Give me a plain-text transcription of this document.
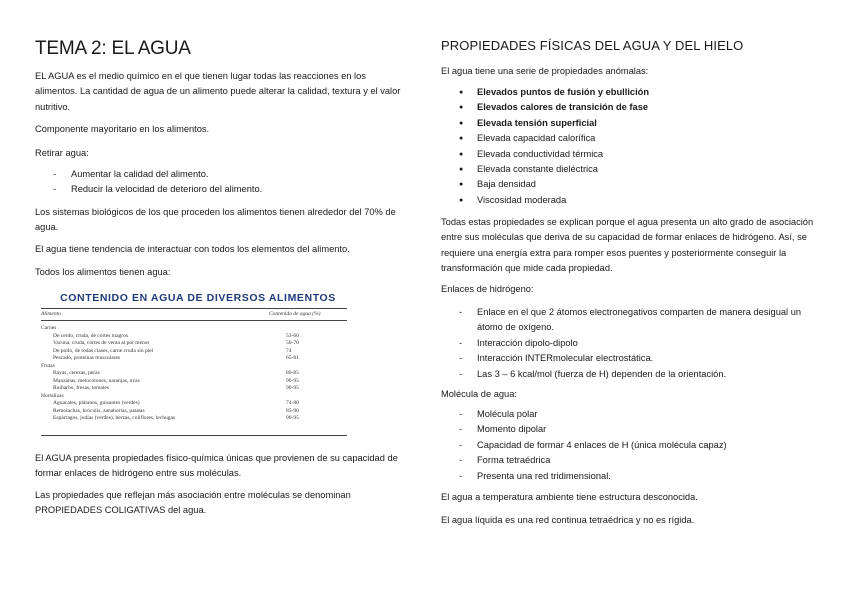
TEMA 2: EL AGUA

EL AGUA es el medio químico en el que tienen lugar todas las reacciones en los alimentos. La cantidad de agua de un alimento puede alterar la calidad, textura y el valor nutritivo.

Componente mayoritario en los alimentos.

Retirar agua:

- Aumentar la calidad del alimento.
- Reducir la velocidad de deterioro del alimento.

Los sistemas biológicos de los que proceden los alimentos tienen alrededor del 70% de agua.

El agua tiene tendencia de interactuar con todos los elementos del alimento.

Todos los alimentos tienen agua:

CONTENIDO EN AGUA DE DIVERSOS ALIMENTOS
Alimento	Contenido de agua (%)
Carnes
De cerdo, cruda, de cortes magros	53-60
Vacuna, cruda, cortes de venta al por menor	50-70
De pollo, de todas clases, carne cruda sin piel	74
Pescado, proteínas musculares	65-81
Frutas
Bayas, cerezas, peras	80-85
Manzanas, melocotones, naranjas, uvas	90-95
Ruibarbo, fresas, tomates	90-95
Hortalizas
Aguacates, plátanos, guisantes (verdes)	74-80
Remolachas, bróculis, zanahorias, patatas	85-90
Espárragos, judías (verdes), berzas, coliflores, lechugas	90-95

El AGUA presenta propiedades físico-química únicas que provienen de su capacidad de formar enlaces de hidrógeno entre sus moléculas.

Las propiedades que reflejan más asociación entre moléculas se denominan PROPIEDADES COLIGATIVAS del agua.

PROPIEDADES FÍSICAS DEL AGUA Y DEL HIELO

El agua tiene una serie de propiedades anómalas:

● Elevados puntos de fusión y ebullición
● Elevados calores de transición de fase
● Elevada tensión superficial
● Elevada capacidad calorífica
● Elevada conductividad térmica
● Elevada constante dieléctrica
● Baja densidad
● Viscosidad moderada

Todas estas propiedades se explican porque el agua presenta un alto grado de asociación entre sus moléculas que deriva de su capacidad de formar enlaces de hidrógeno. Así, se requiere una energía extra para romper esos puentes y posteriormente conseguir la transformación que mide cada propiedad.

Enlaces de hidrógeno:

- Enlace en el que 2 átomos electronegativos comparten de manera desigual un átomo de oxígeno.
- Interacción dipolo-dipolo
- Interacción INTERmolecular electrostática.
- Las 3 – 6 kcal/mol (fuerza de H) dependen de la orientación.

Molécula de agua:

- Molécula polar
- Momento dipolar
- Capacidad de formar 4 enlaces de H (única molécula capaz)
- Forma tetraédrica
- Presenta una red tridimensional.

El agua a temperatura ambiente tiene estructura desconocida.

El agua líquida es una red continua tetraédrica y no es rígida.
